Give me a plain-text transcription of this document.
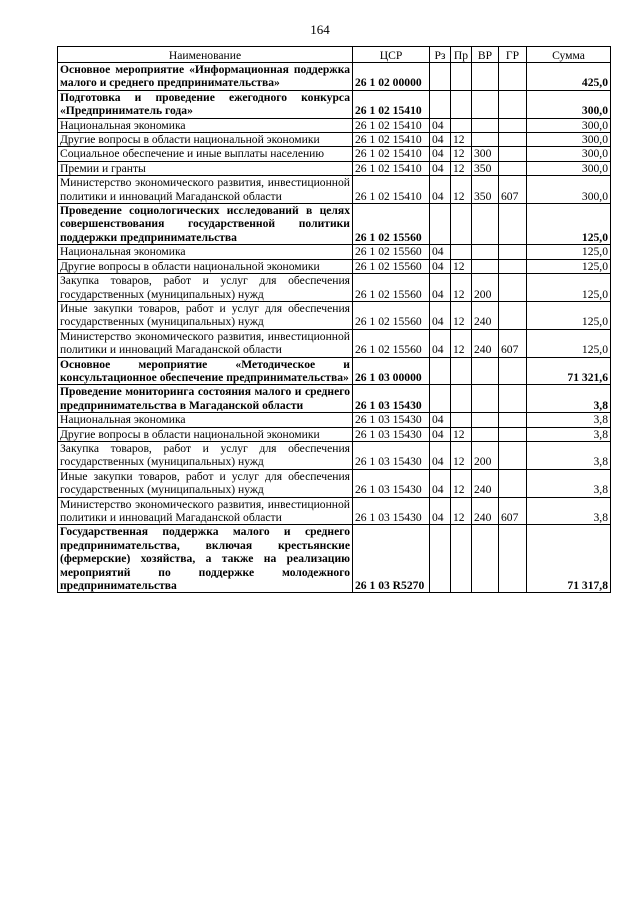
164
Наименование	ЦСР	Рз	Пр	ВР	ГР	Сумма
Основное мероприятие «Информационная поддержка малого и среднего предпринимательства»	26 1 02 00000					425,0
Подготовка и проведение ежегодного конкурса «Предприниматель года»	26 1 02 15410					300,0
Национальная экономика	26 1 02 15410	04				300,0
Другие вопросы в области национальной экономики	26 1 02 15410	04	12			300,0
Социальное обеспечение и иные выплаты населению	26 1 02 15410	04	12	300		300,0
Премии и гранты	26 1 02 15410	04	12	350		300,0
Министерство экономического развития, инвестиционной политики и инноваций Магаданской области	26 1 02 15410	04	12	350	607	300,0
Проведение социологических исследований в целях совершенствования государственной политики поддержки предпринимательства	26 1 02 15560					125,0
Национальная экономика	26 1 02 15560	04				125,0
Другие вопросы в области национальной экономики	26 1 02 15560	04	12			125,0
Закупка товаров, работ и услуг для обеспечения государственных (муниципальных) нужд	26 1 02 15560	04	12	200		125,0
Иные закупки товаров, работ и услуг для обеспечения государственных (муниципальных) нужд	26 1 02 15560	04	12	240		125,0
Министерство экономического развития, инвестиционной политики и инноваций Магаданской области	26 1 02 15560	04	12	240	607	125,0
Основное мероприятие «Методическое и консультационное обеспечение предпринимательства»	26 1 03 00000					71 321,6
Проведение мониторинга состояния малого и среднего предпринимательства в Магаданской области	26 1 03 15430					3,8
Национальная экономика	26 1 03 15430	04				3,8
Другие вопросы в области национальной экономики	26 1 03 15430	04	12			3,8
Закупка товаров, работ и услуг для обеспечения государственных (муниципальных) нужд	26 1 03 15430	04	12	200		3,8
Иные закупки товаров, работ и услуг для обеспечения государственных (муниципальных) нужд	26 1 03 15430	04	12	240		3,8
Министерство экономического развития, инвестиционной политики и инноваций Магаданской области	26 1 03 15430	04	12	240	607	3,8
Государственная поддержка малого и среднего предпринимательства, включая крестьянские (фермерские) хозяйства, а также на реализацию мероприятий по поддержке молодежного предпринимательства	26 1 03 R5270					71 317,8
